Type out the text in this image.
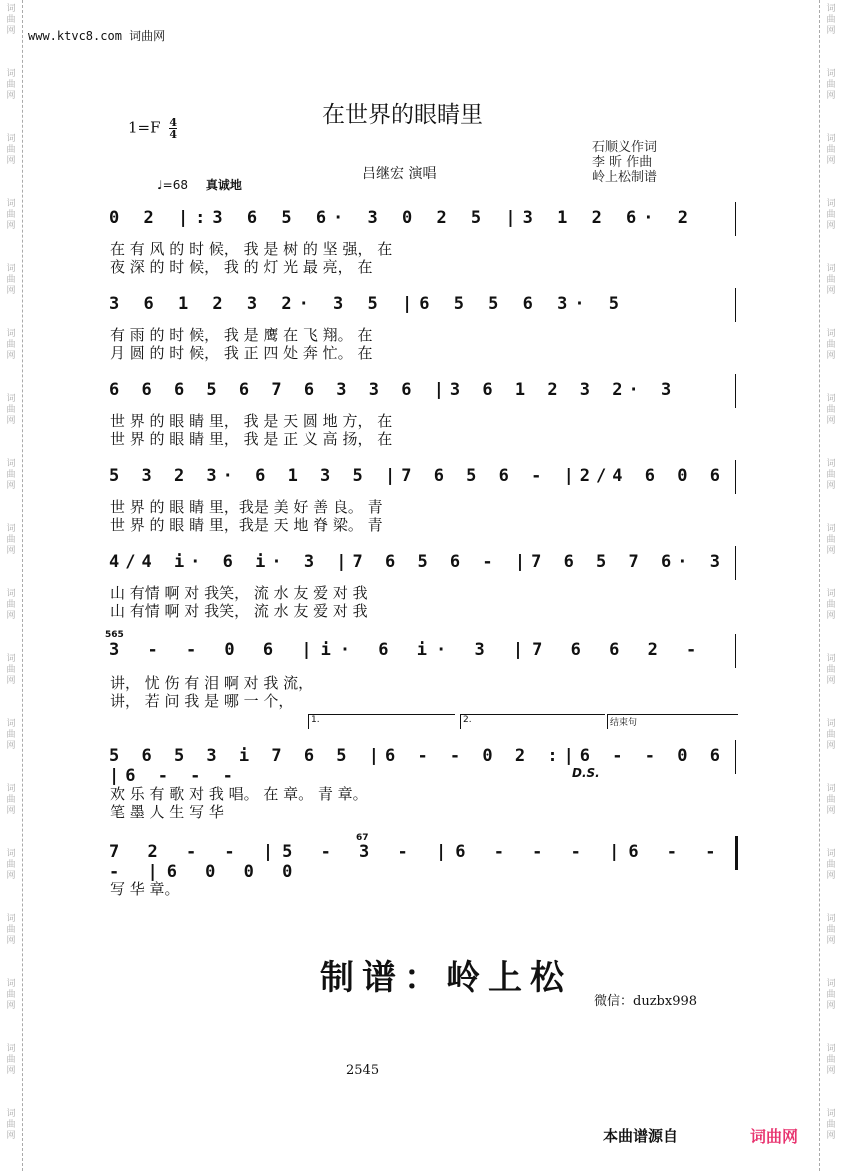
词
曲
网
词
曲
网
词
曲
网
词
曲
网
词
曲
网
词
曲
网
词
曲
网
词
曲
网
词
曲
网
词
曲
网
词
曲
网
词
曲
网
词
曲
网
词
曲
网
词
曲
网
词
曲
网
词
曲
网
词
曲
网
词
曲
网
词
曲
网
词
曲
网
词
曲
网
词
曲
网
词
曲
网
词
曲
网
词
曲
网
词
曲
网
词
曲
网
词
曲
网
词
曲
网
词
曲
网
词
曲
网
词
曲
网
词
曲
网
词
曲
网
词
曲
网
www.ktvc8.com 词曲网
在世界的眼睛里
$1=F \frac{4}{4}$
石顺义作词
李 昕 作曲
岭上松制谱
吕继宏 演唱
♩=68 真诚地
0 2 |:3 6 5 6· 3 0 2 5 |3 1 2 6· 2
在 有 风 的 时 候， 我 是 树 的 坚 强， 在
夜 深 的 时 候， 我 的 灯 光 最 亮， 在
3 6 1 2 3 2· 3 5 |6 5 5 6 3· 5
有 雨 的 时 候， 我 是 鹰 在 飞 翔。 在
月 圆 的 时 候， 我 正 四 处 奔 忙。 在
6 6 6 5 6 7 6 3 3 6 |3 6 1 2 3 2· 3
世 界 的 眼 睛 里， 我 是 天 圆 地 方， 在
世 界 的 眼 睛 里， 我 是 正 义 高 扬， 在
5 3 2 3· 6 1 3 5 |7 6 5 6 - |2/4 6 0 6
世 界 的 眼 睛 里，我是 美 好 善 良。 青
世 界 的 眼 睛 里，我是 天 地 脊 梁。 青
4/4 i· 6 i· 3 |7 6 5 6 - |7 6 5 7 6· 3
山 有情 啊 对 我笑， 流 水 友 爱 对 我
山 有情 啊 对 我笑， 流 水 友 爱 对 我
565
3 - - 0 6 |i· 6 i· 3 |7 6 6 2 -
讲， 忧 伤 有 泪 啊 对 我 流，
讲， 若 问 我 是 哪 一 个，
1.	2.	结束句
5 6 5 3 i 7 6 5 |6 - - 0 2 :|6 - - 0 6 |6 - - -	D.S.
欢 乐 有 歌 对 我 唱。 在 章。 青 章。
笔 墨 人 生 写 华
67
7 2 - - |5 - 3 - |6 - - - |6 - - - |6 0 0 0
写 华 章。
制谱：岭上松
微信：duzbx998
2545
本曲谱源自	词曲网
